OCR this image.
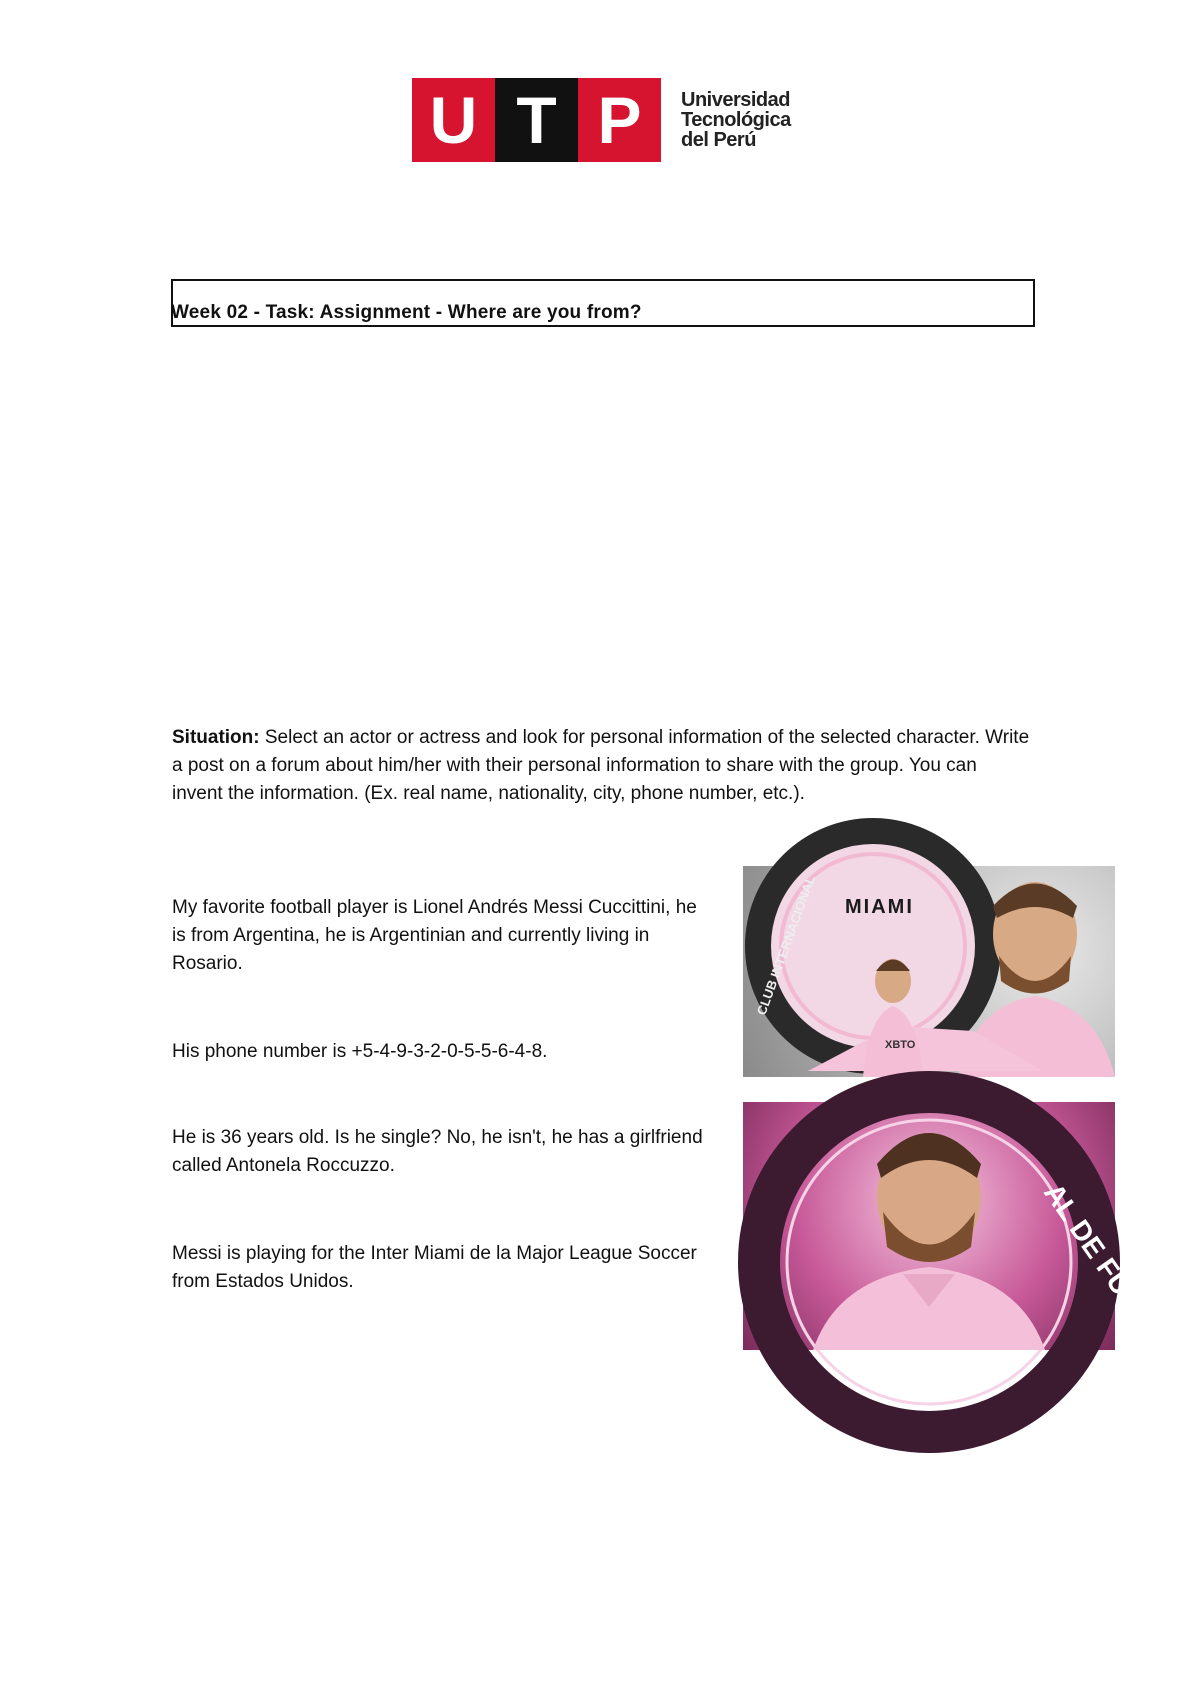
U T P	Universidad
Tecnológica
del Perú
Week 02 - Task: Assignment - Where are you from?

Situation: Select an actor or actress and look for personal information of the selected character. Write a post on a forum about him/her with their personal information to share with the group. You can invent the information. (Ex. real name, nationality, city, phone number, etc.).

My favorite football player is Lionel Andrés Messi Cuccittini, he is from Argentina, he is Argentinian and currently living in Rosario.

His phone number is +5-4-9-3-2-0-5-5-6-4-8.

He is 36 years old. Is he single? No, he isn't, he has a girlfriend called Antonela Roccuzzo.

Messi is playing for the Inter Miami de la Major League Soccer from Estados Unidos.

CLUB INTERNACIONAL
XBTO
MIAMI
AL DE FUTB
